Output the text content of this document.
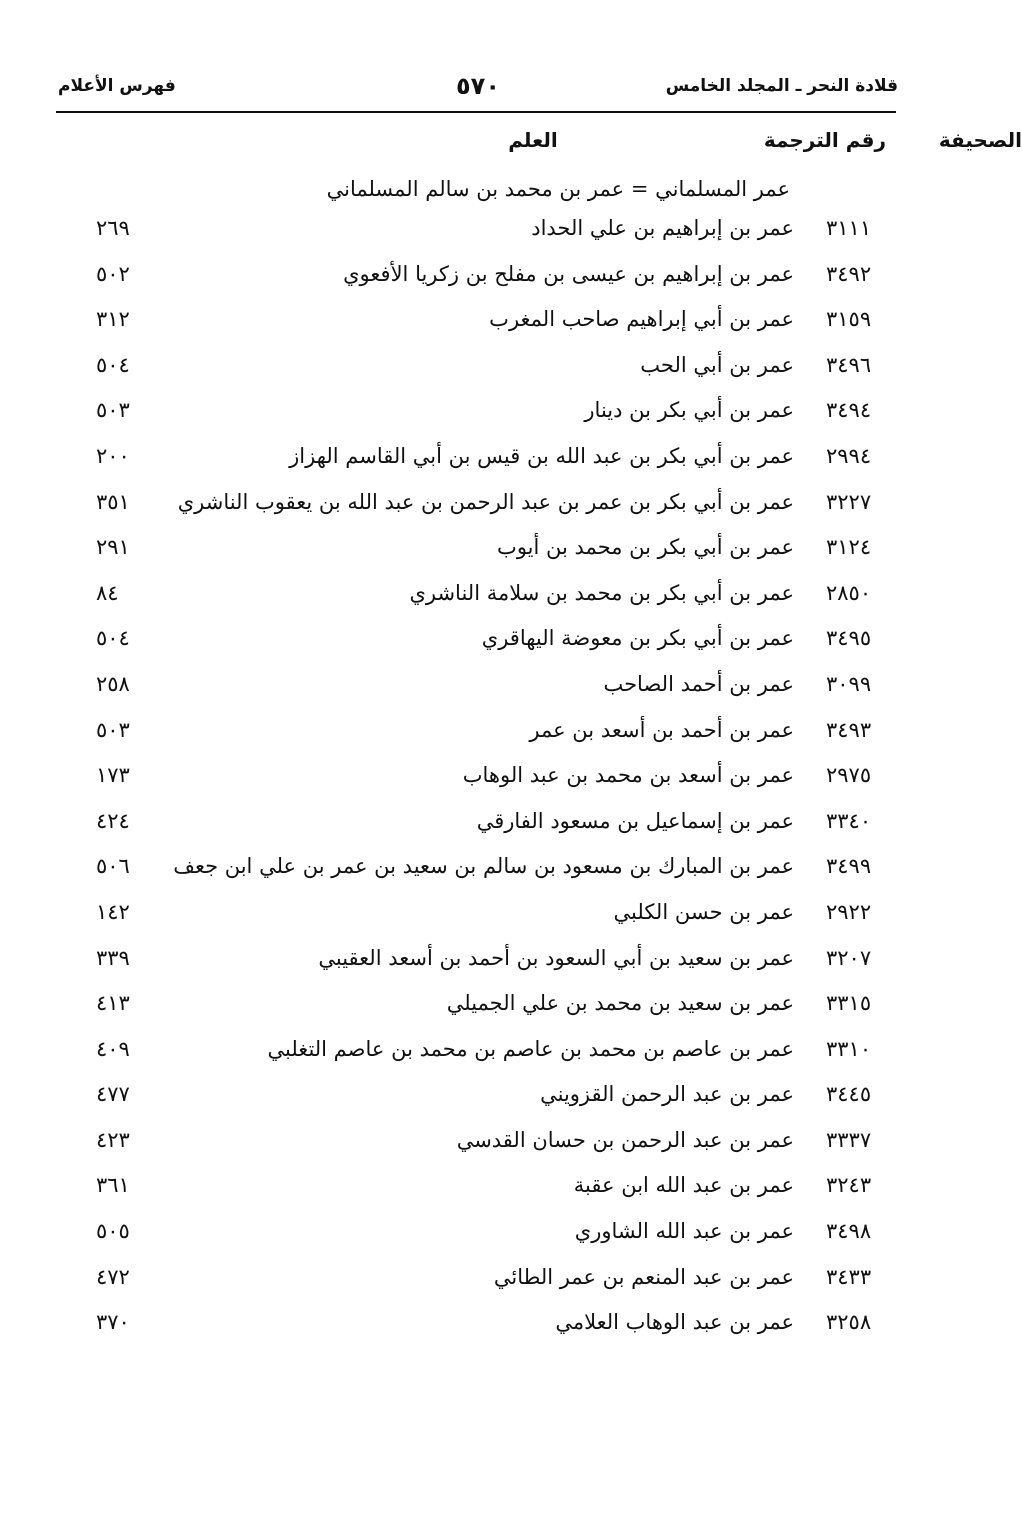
قلادة النحر ـ المجلد الخامس
٥٧٠
فهرس الأعلام
رقم الترجمة
العلم	الصحيفة
عمر المسلماني = عمر بن محمد بن سالم المسلماني
٣١١١
عمر بن إبراهيم بن علي الحداد
٢٦٩
٣٤٩٢
عمر بن إبراهيم بن عيسى بن مفلح بن زكريا الأفعوي
٥٠٢
٣١٥٩
عمر بن أبي إبراهيم صاحب المغرب
٣١٢
٣٤٩٦
عمر بن أبي الحب
٥٠٤
٣٤٩٤
عمر بن أبي بكر بن دينار
٥٠٣
٢٩٩٤
عمر بن أبي بكر بن عبد الله بن قيس بن أبي القاسم الهزاز
٢٠٠
٣٢٢٧
عمر بن أبي بكر بن عمر بن عبد الرحمن بن عبد الله بن يعقوب الناشري
٣٥١
٣١٢٤
عمر بن أبي بكر بن محمد بن أيوب
٢٩١
٢٨٥٠
عمر بن أبي بكر بن محمد بن سلامة الناشري
٨٤
٣٤٩٥
عمر بن أبي بكر بن معوضة اليهاقري
٥٠٤
٣٠٩٩
عمر بن أحمد الصاحب
٢٥٨
٣٤٩٣
عمر بن أحمد بن أسعد بن عمر
٥٠٣
٢٩٧٥
عمر بن أسعد بن محمد بن عبد الوهاب
١٧٣
٣٣٤٠
عمر بن إسماعيل بن مسعود الفارقي
٤٢٤
٣٤٩٩
عمر بن المبارك بن مسعود بن سالم بن سعيد بن عمر بن علي ابن جعف
٥٠٦
٢٩٢٢
عمر بن حسن الكلبي
١٤٢
٣٢٠٧
عمر بن سعيد بن أبي السعود بن أحمد بن أسعد العقيبي
٣٣٩
٣٣١٥
عمر بن سعيد بن محمد بن علي الجميلي
٤١٣
٣٣١٠
عمر بن عاصم بن محمد بن عاصم بن محمد بن عاصم التغلبي
٤٠٩
٣٤٤٥
عمر بن عبد الرحمن القزويني
٤٧٧
٣٣٣٧
عمر بن عبد الرحمن بن حسان القدسي
٤٢٣
٣٢٤٣
عمر بن عبد الله ابن عقبة
٣٦١
٣٤٩٨
عمر بن عبد الله الشاوري
٥٠٥
٣٤٣٣
عمر بن عبد المنعم بن عمر الطائي
٤٧٢
٣٢٥٨
عمر بن عبد الوهاب العلامي
٣٧٠
